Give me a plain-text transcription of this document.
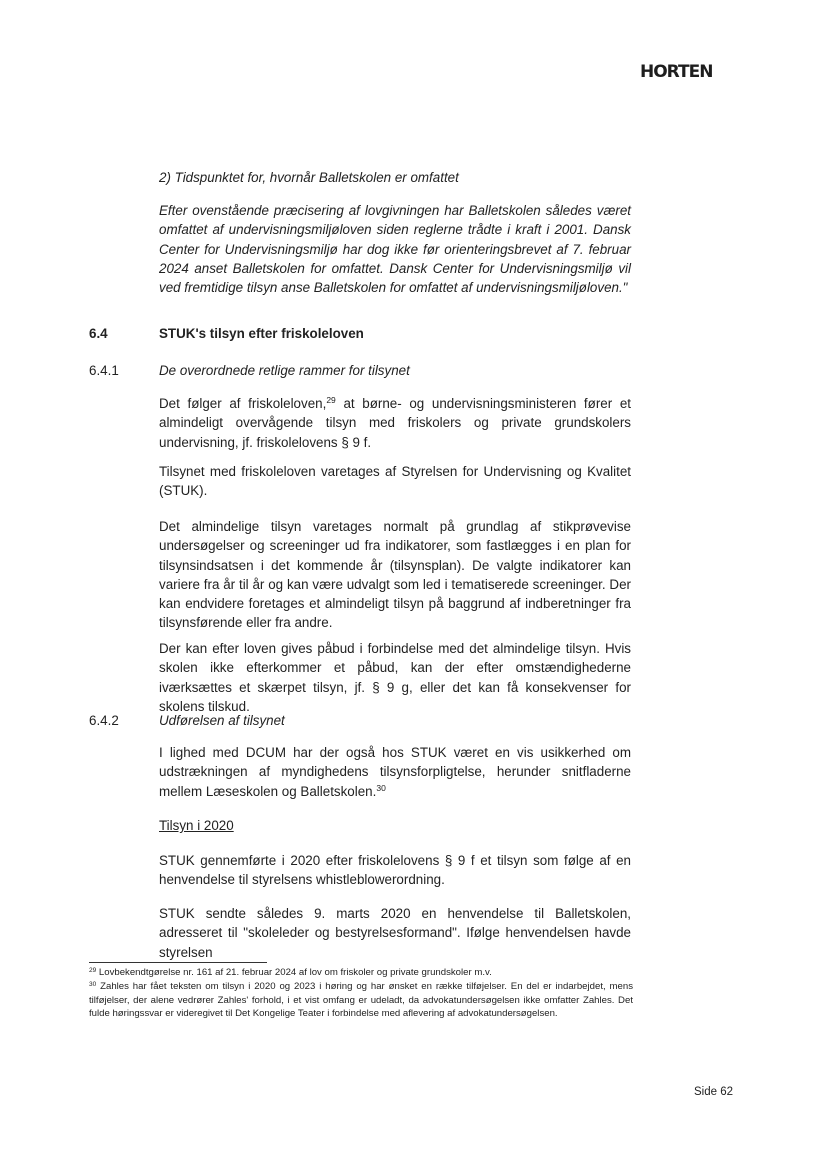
HORTEN
2) Tidspunktet for, hvornår Balletskolen er omfattet
Efter ovenstående præcisering af lovgivningen har Balletskolen således været omfattet af undervisningsmiljøloven siden reglerne trådte i kraft i 2001. Dansk Center for Undervisningsmiljø har dog ikke før orienteringsbrevet af 7. februar 2024 anset Balletskolen for omfattet. Dansk Center for Undervisningsmiljø vil ved fremtidige tilsyn anse Balletskolen for omfattet af undervisningsmiljøloven."
6.4	STUK's tilsyn efter friskoleloven
6.4.1	De overordnede retlige rammer for tilsynet
Det følger af friskoleloven,$^{29}$ at børne- og undervisningsministeren fører et almindeligt overvågende tilsyn med friskolers og private grundskolers undervisning, jf. friskolelovens § 9 f.
Tilsynet med friskoleloven varetages af Styrelsen for Undervisning og Kvalitet (STUK).
Det almindelige tilsyn varetages normalt på grundlag af stikprøvevise undersøgelser og screeninger ud fra indikatorer, som fastlægges i en plan for tilsynsindsatsen i det kommende år (tilsynsplan). De valgte indikatorer kan variere fra år til år og kan være udvalgt som led i tematiserede screeninger. Der kan endvidere foretages et almindeligt tilsyn på baggrund af indberetninger fra tilsynsførende eller fra andre.
Der kan efter loven gives påbud i forbindelse med det almindelige tilsyn. Hvis skolen ikke efterkommer et påbud, kan der efter omstændighederne iværksættes et skærpet tilsyn, jf. § 9 g, eller det kan få konsekvenser for skolens tilskud.
6.4.2	Udførelsen af tilsynet
I lighed med DCUM har der også hos STUK været en vis usikkerhed om udstrækningen af myndighedens tilsynsforpligtelse, herunder snitfladerne mellem Læseskolen og Balletskolen.$^{30}$
Tilsyn i 2020
STUK gennemførte i 2020 efter friskolelovens § 9 f et tilsyn som følge af en henvendelse til styrelsens whistleblowerordning.
STUK sendte således 9. marts 2020 en henvendelse til Balletskolen, adresseret til "skoleleder og bestyrelsesformand". Ifølge henvendelsen havde styrelsen
$^{29}$ Lovbekendtgørelse nr. 161 af 21. februar 2024 af lov om friskoler og private grundskoler m.v.
$^{30}$ Zahles har fået teksten om tilsyn i 2020 og 2023 i høring og har ønsket en række tilføjelser. En del er indarbejdet, mens tilføjelser, der alene vedrører Zahles' forhold, i et vist omfang er udeladt, da advokatundersøgelsen ikke omfatter Zahles. Det fulde høringssvar er videregivet til Det Kongelige Teater i forbindelse med aflevering af advokatundersøgelsen.
Side 62
